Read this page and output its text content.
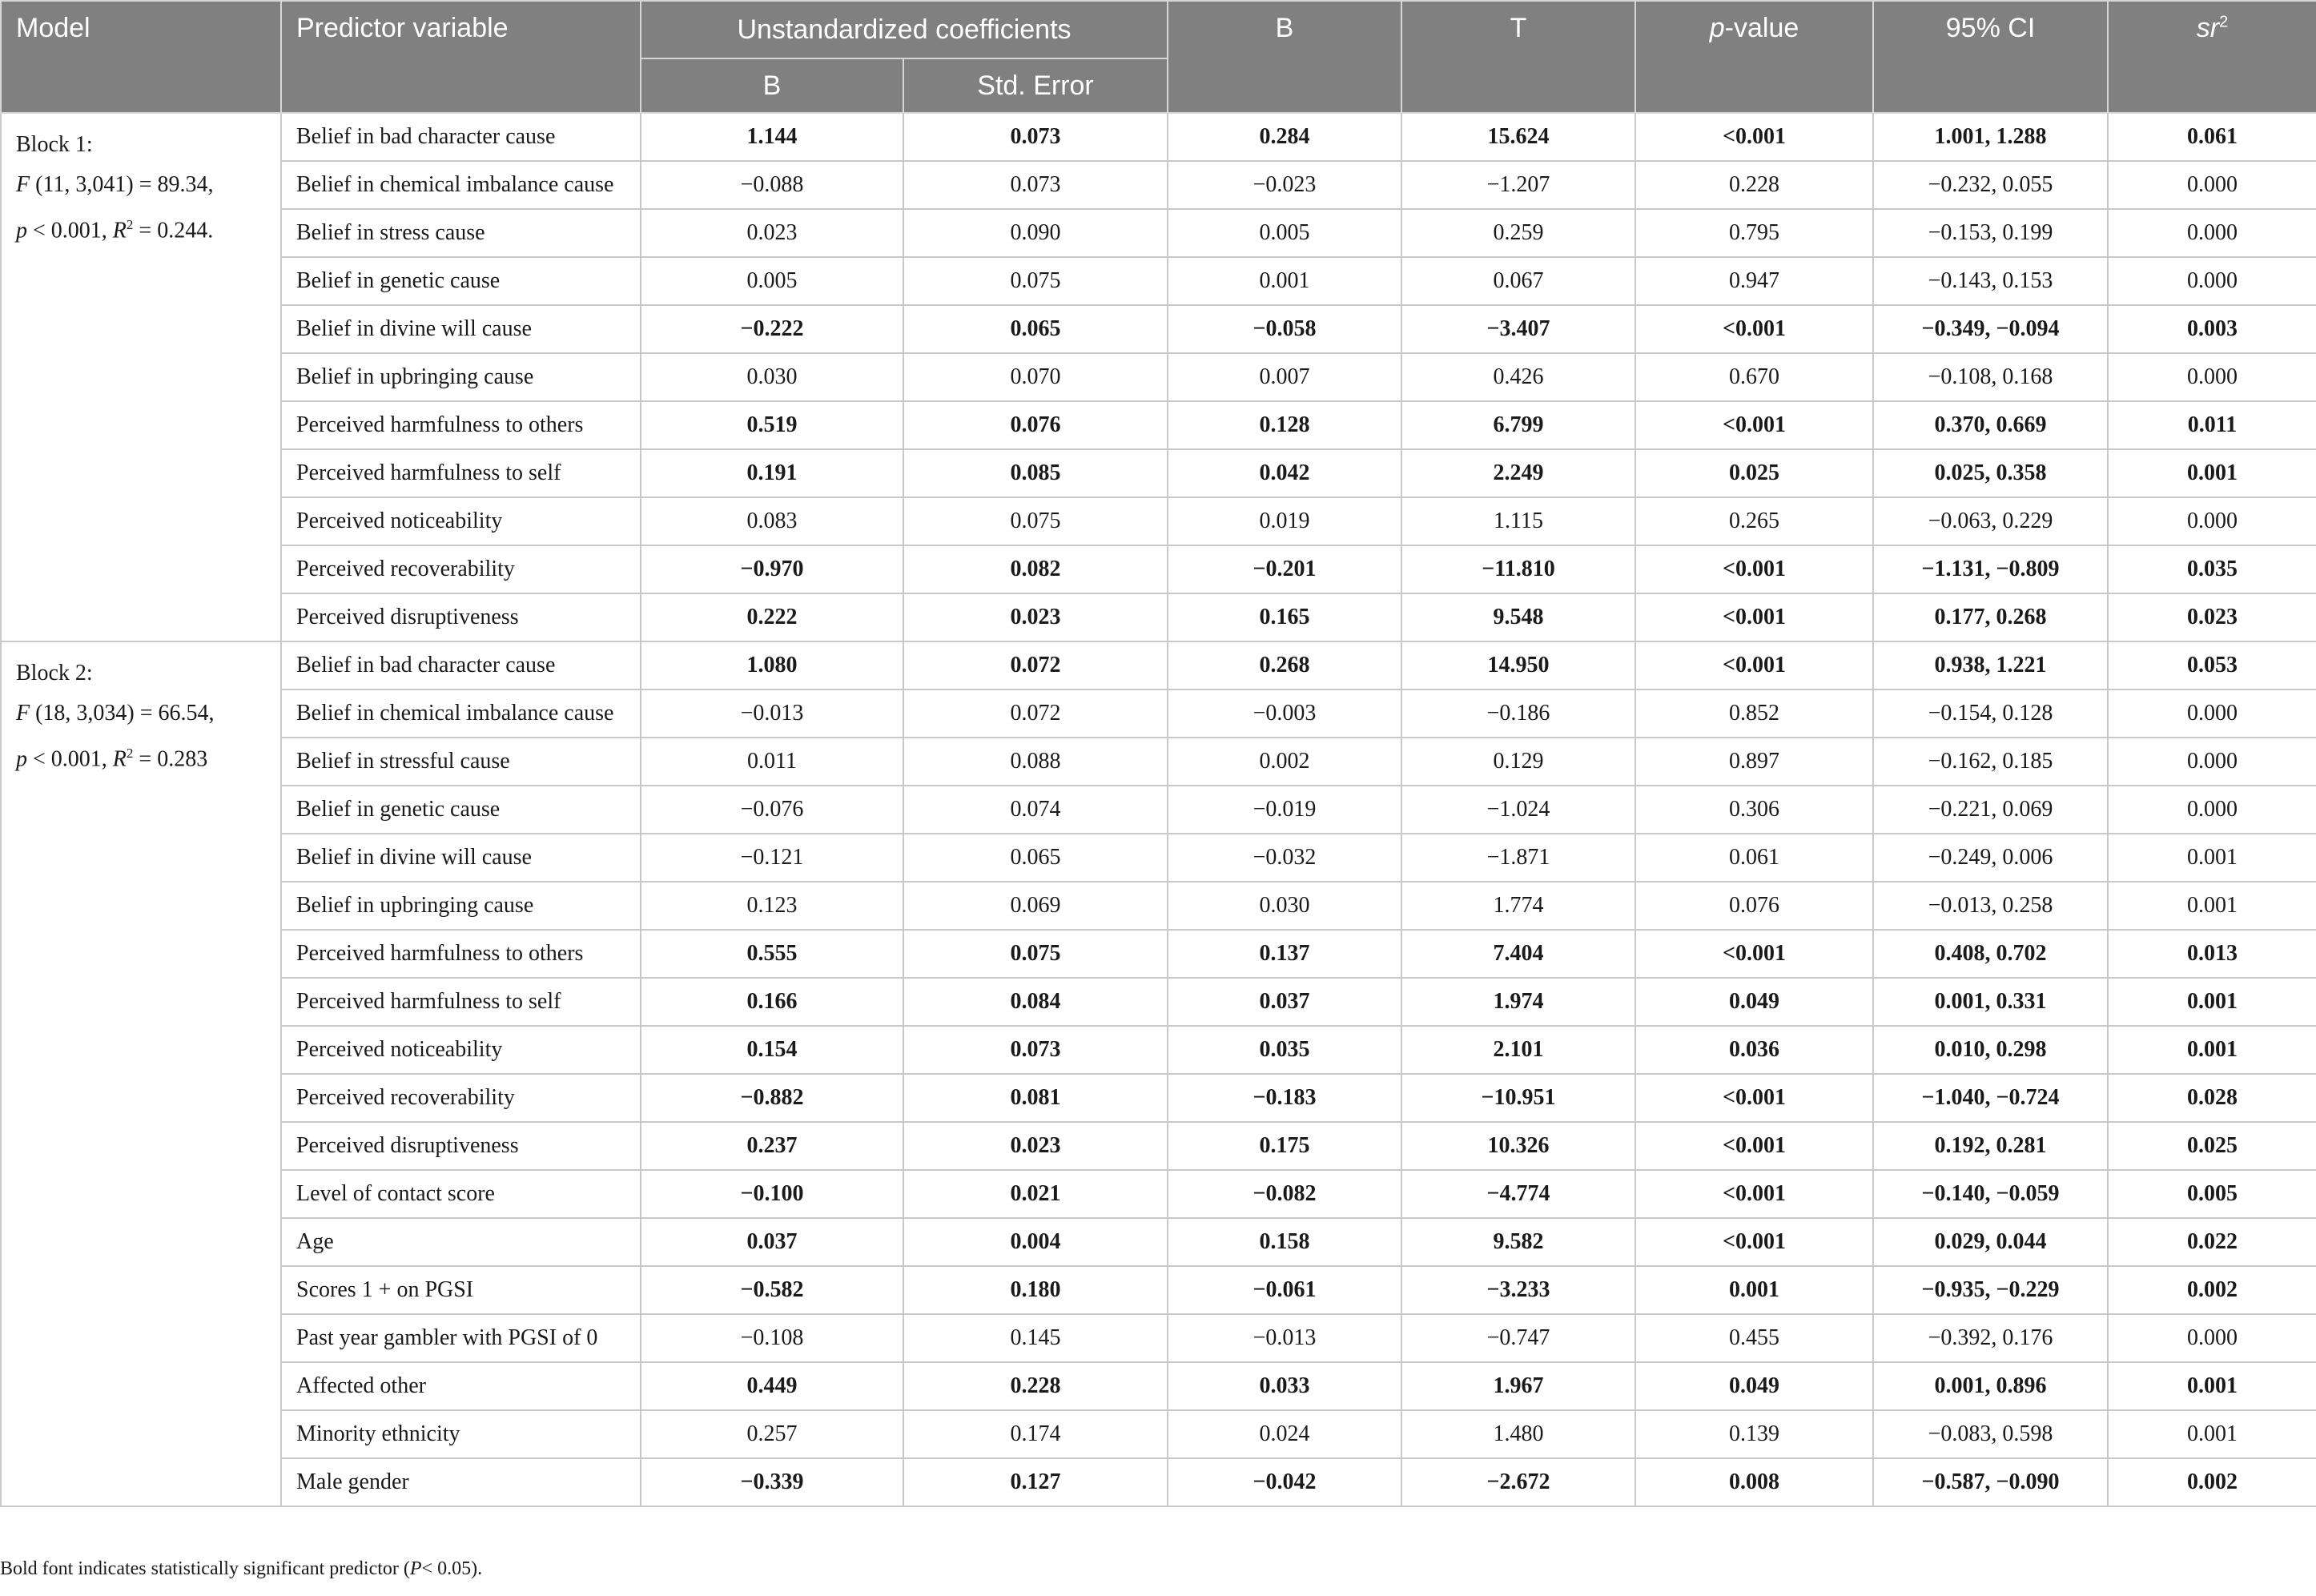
Model	Predictor variable	Unstandardized coefficients		B	T	p-value	95% CI	$sr^2$
		B	Std. Error					
Block 1:
F (11, 3,041) = 89.34,
p < 0.001, $R^2 = 0.244$.	Belief in bad character cause	1.144	0.073	0.284	15.624	<0.001	1.001, 1.288	0.061
	Belief in chemical imbalance cause	−0.088	0.073	−0.023	−1.207	0.228	−0.232, 0.055	0.000
	Belief in stress cause	0.023	0.090	0.005	0.259	0.795	−0.153, 0.199	0.000
	Belief in genetic cause	0.005	0.075	0.001	0.067	0.947	−0.143, 0.153	0.000
	Belief in divine will cause	−0.222	0.065	−0.058	−3.407	<0.001	−0.349, −0.094	0.003
	Belief in upbringing cause	0.030	0.070	0.007	0.426	0.670	−0.108, 0.168	0.000
	Perceived harmfulness to others	0.519	0.076	0.128	6.799	<0.001	0.370, 0.669	0.011
	Perceived harmfulness to self	0.191	0.085	0.042	2.249	0.025	0.025, 0.358	0.001
	Perceived noticeability	0.083	0.075	0.019	1.115	0.265	−0.063, 0.229	0.000
	Perceived recoverability	−0.970	0.082	−0.201	−11.810	<0.001	−1.131, −0.809	0.035
	Perceived disruptiveness	0.222	0.023	0.165	9.548	<0.001	0.177, 0.268	0.023
Block 2:
F (18, 3,034) = 66.54,
p < 0.001, $R^2 = 0.283$	Belief in bad character cause	1.080	0.072	0.268	14.950	<0.001	0.938, 1.221	0.053
	Belief in chemical imbalance cause	−0.013	0.072	−0.003	−0.186	0.852	−0.154, 0.128	0.000
	Belief in stressful cause	0.011	0.088	0.002	0.129	0.897	−0.162, 0.185	0.000
	Belief in genetic cause	−0.076	0.074	−0.019	−1.024	0.306	−0.221, 0.069	0.000
	Belief in divine will cause	−0.121	0.065	−0.032	−1.871	0.061	−0.249, 0.006	0.001
	Belief in upbringing cause	0.123	0.069	0.030	1.774	0.076	−0.013, 0.258	0.001
	Perceived harmfulness to others	0.555	0.075	0.137	7.404	<0.001	0.408, 0.702	0.013
	Perceived harmfulness to self	0.166	0.084	0.037	1.974	0.049	0.001, 0.331	0.001
	Perceived noticeability	0.154	0.073	0.035	2.101	0.036	0.010, 0.298	0.001
	Perceived recoverability	−0.882	0.081	−0.183	−10.951	<0.001	−1.040, −0.724	0.028
	Perceived disruptiveness	0.237	0.023	0.175	10.326	<0.001	0.192, 0.281	0.025
	Level of contact score	−0.100	0.021	−0.082	−4.774	<0.001	−0.140, −0.059	0.005
	Age	0.037	0.004	0.158	9.582	<0.001	0.029, 0.044	0.022
	Scores 1 + on PGSI	−0.582	0.180	−0.061	−3.233	0.001	−0.935, −0.229	0.002
	Past year gambler with PGSI of 0	−0.108	0.145	−0.013	−0.747	0.455	−0.392, 0.176	0.000
	Affected other	0.449	0.228	0.033	1.967	0.049	0.001, 0.896	0.001
	Minority ethnicity	0.257	0.174	0.024	1.480	0.139	−0.083, 0.598	0.001
	Male gender	−0.339	0.127	−0.042	−2.672	0.008	−0.587, −0.090	0.002
Bold font indicates statistically significant predictor (P< 0.05).
